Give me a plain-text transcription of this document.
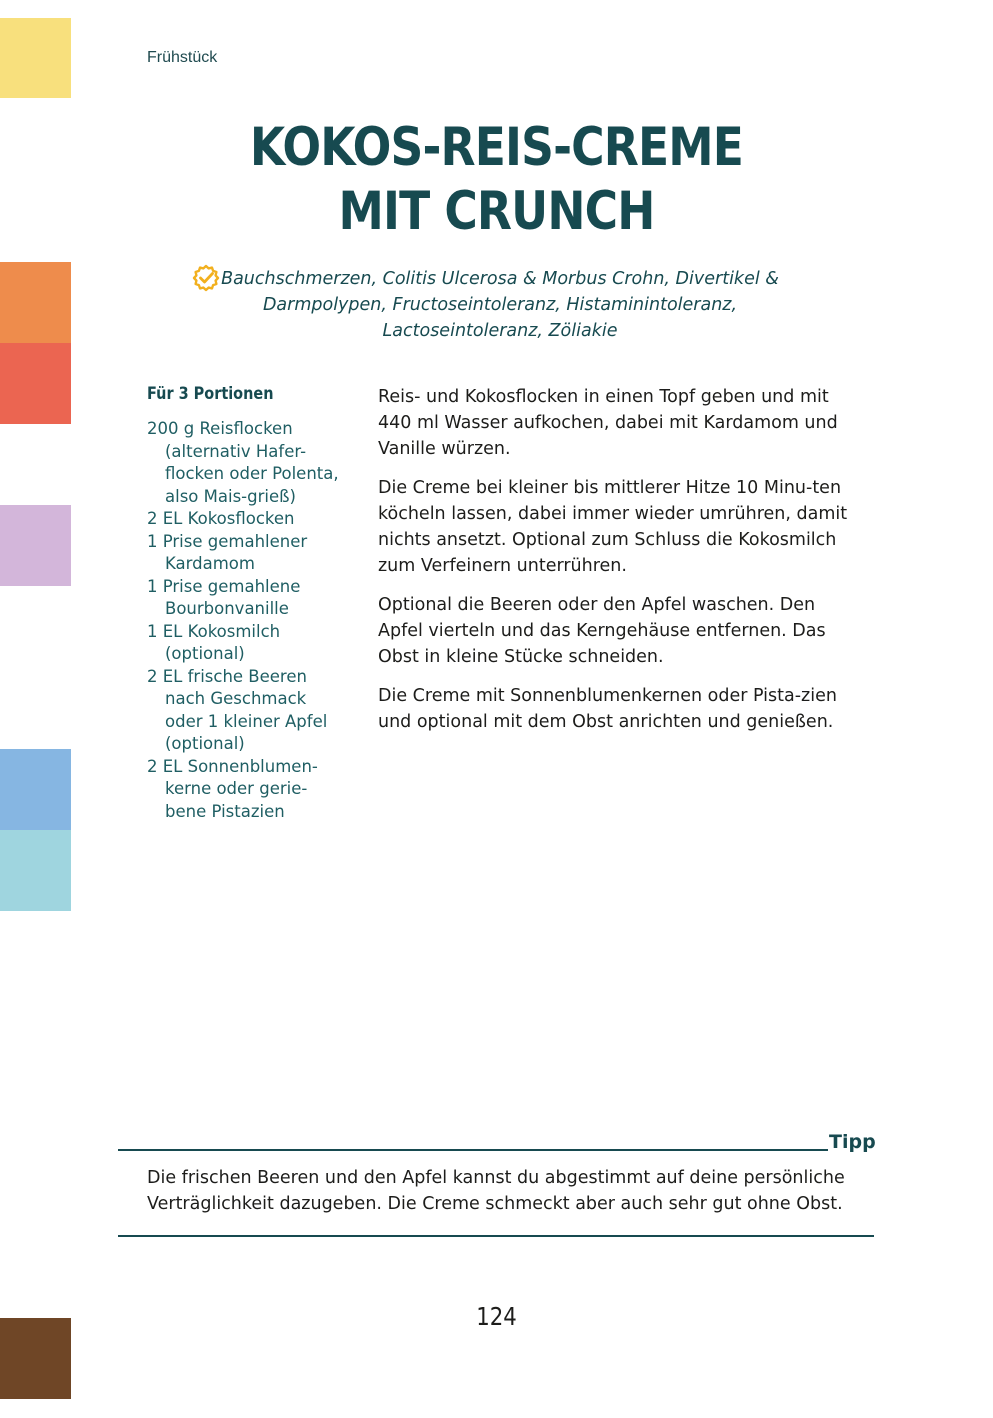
Frühstück
KOKOS-REIS-CREME
MIT CRUNCH
Bauchschmerzen, Colitis Ulcerosa & Morbus Crohn, Divertikel & Darmpolypen, Fructoseintoleranz, Histaminintoleranz, Lactoseintoleranz, Zöliakie
Für 3 Portionen
200 g Reisflocken (alternativ Hafer-flocken oder Polenta, also Mais-grieß)
2 EL Kokosflocken
1 Prise gemahlener Kardamom
1 Prise gemahlene Bourbonvanille
1 EL Kokosmilch (optional)
2 EL frische Beeren nach Geschmack oder 1 kleiner Apfel (optional)
2 EL Sonnenblumen-kerne oder gerie-bene Pistazien

Reis- und Kokosflocken in einen Topf geben und mit 440 ml Wasser aufkochen, dabei mit Kardamom und Vanille würzen.

Die Creme bei kleiner bis mittlerer Hitze 10 Minu-ten köcheln lassen, dabei immer wieder umrühren, damit nichts ansetzt. Optional zum Schluss die Kokosmilch zum Verfeinern unterrühren.

Optional die Beeren oder den Apfel waschen. Den Apfel vierteln und das Kerngehäuse entfernen. Das Obst in kleine Stücke schneiden.

Die Creme mit Sonnenblumenkernen oder Pista-zien und optional mit dem Obst anrichten und genießen.

Tipp
Die frischen Beeren und den Apfel kannst du abgestimmt auf deine persönliche Verträglichkeit dazugeben. Die Creme schmeckt aber auch sehr gut ohne Obst.
124
